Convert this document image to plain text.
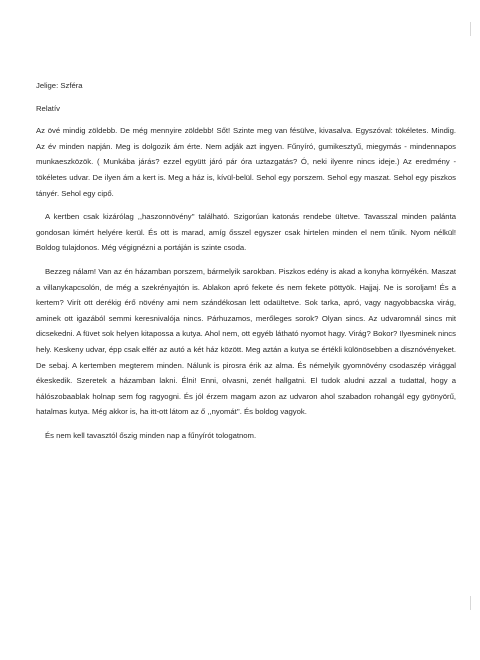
Jelige: Szféra

Relatív

Az övé mindig zöldebb. De még mennyire zöldebb! Sőt! Szinte meg van fésülve, kivasalva. Egyszóval: tökéletes. Mindig. Az év minden napján. Meg is dolgozik ám érte. Nem adják azt ingyen. Fűnyíró, gumikesztyű, miegymás - mindennapos munkaeszközök. ( Munkába járás? ezzel együtt járó pár óra uztazgatás? Ó, neki ilyenre nincs ideje.) Az eredmény - tökéletes udvar. De ilyen ám a kert is. Meg a ház is, kívül-belül. Sehol egy porszem. Sehol egy maszat. Sehol egy piszkos tányér. Sehol egy cipő.

A kertben csak kizárólag ,,haszonnövény'' található. Szigorúan katonás rendebe ültetve. Tavasszal minden palánta gondosan kimért helyére kerül. És ott is marad, amíg ősszel egyszer csak hirtelen minden el nem tűnik. Nyom nélkül! Boldog tulajdonos. Még végignézni a portáján is szinte csoda.

Bezzeg nálam! Van az én házamban porszem, bármelyik sarokban. Piszkos edény is akad a konyha környékén. Maszat a villanykapcsolón, de még a szekrényajtón is. Ablakon apró fekete és nem fekete pöttyök. Hajjaj. Ne is soroljam! És a kertem? Virít ott derékig érő növény ami nem szándékosan lett odaültetve. Sok tarka, apró, vagy nagyobbacska virág, aminek ott igazából semmi keresnivalója nincs. Párhuzamos, merőleges sorok? Olyan sincs. Az udvaromnál sincs mit dicsekedni. A füvet sok helyen kitapossa a kutya. Ahol nem, ott egyéb látható nyomot hagy. Virág? Bokor? Ilyesminek nincs hely. Keskeny udvar, épp csak elfér az autó a két ház között. Meg aztán a kutya se értékli különösebben a disznóvényeket. De sebaj. A kertemben megterem minden. Nálunk is pirosra érik az alma. És némelyik gyomnövény csodaszép virággal ékeskedik. Szeretek a házamban lakni. Élni! Enni, olvasni, zenét hallgatni. El tudok aludni azzal a tudattal, hogy a hálószobaablak holnap sem fog ragyogni. És jól érzem magam azon az udvaron ahol szabadon rohangál egy gyönyörű, hatalmas kutya. Még akkor is, ha itt-ott látom az ő ,,nyomát''. És boldog vagyok.

És nem kell tavasztól őszig minden nap a fűnyírót tologatnom.
